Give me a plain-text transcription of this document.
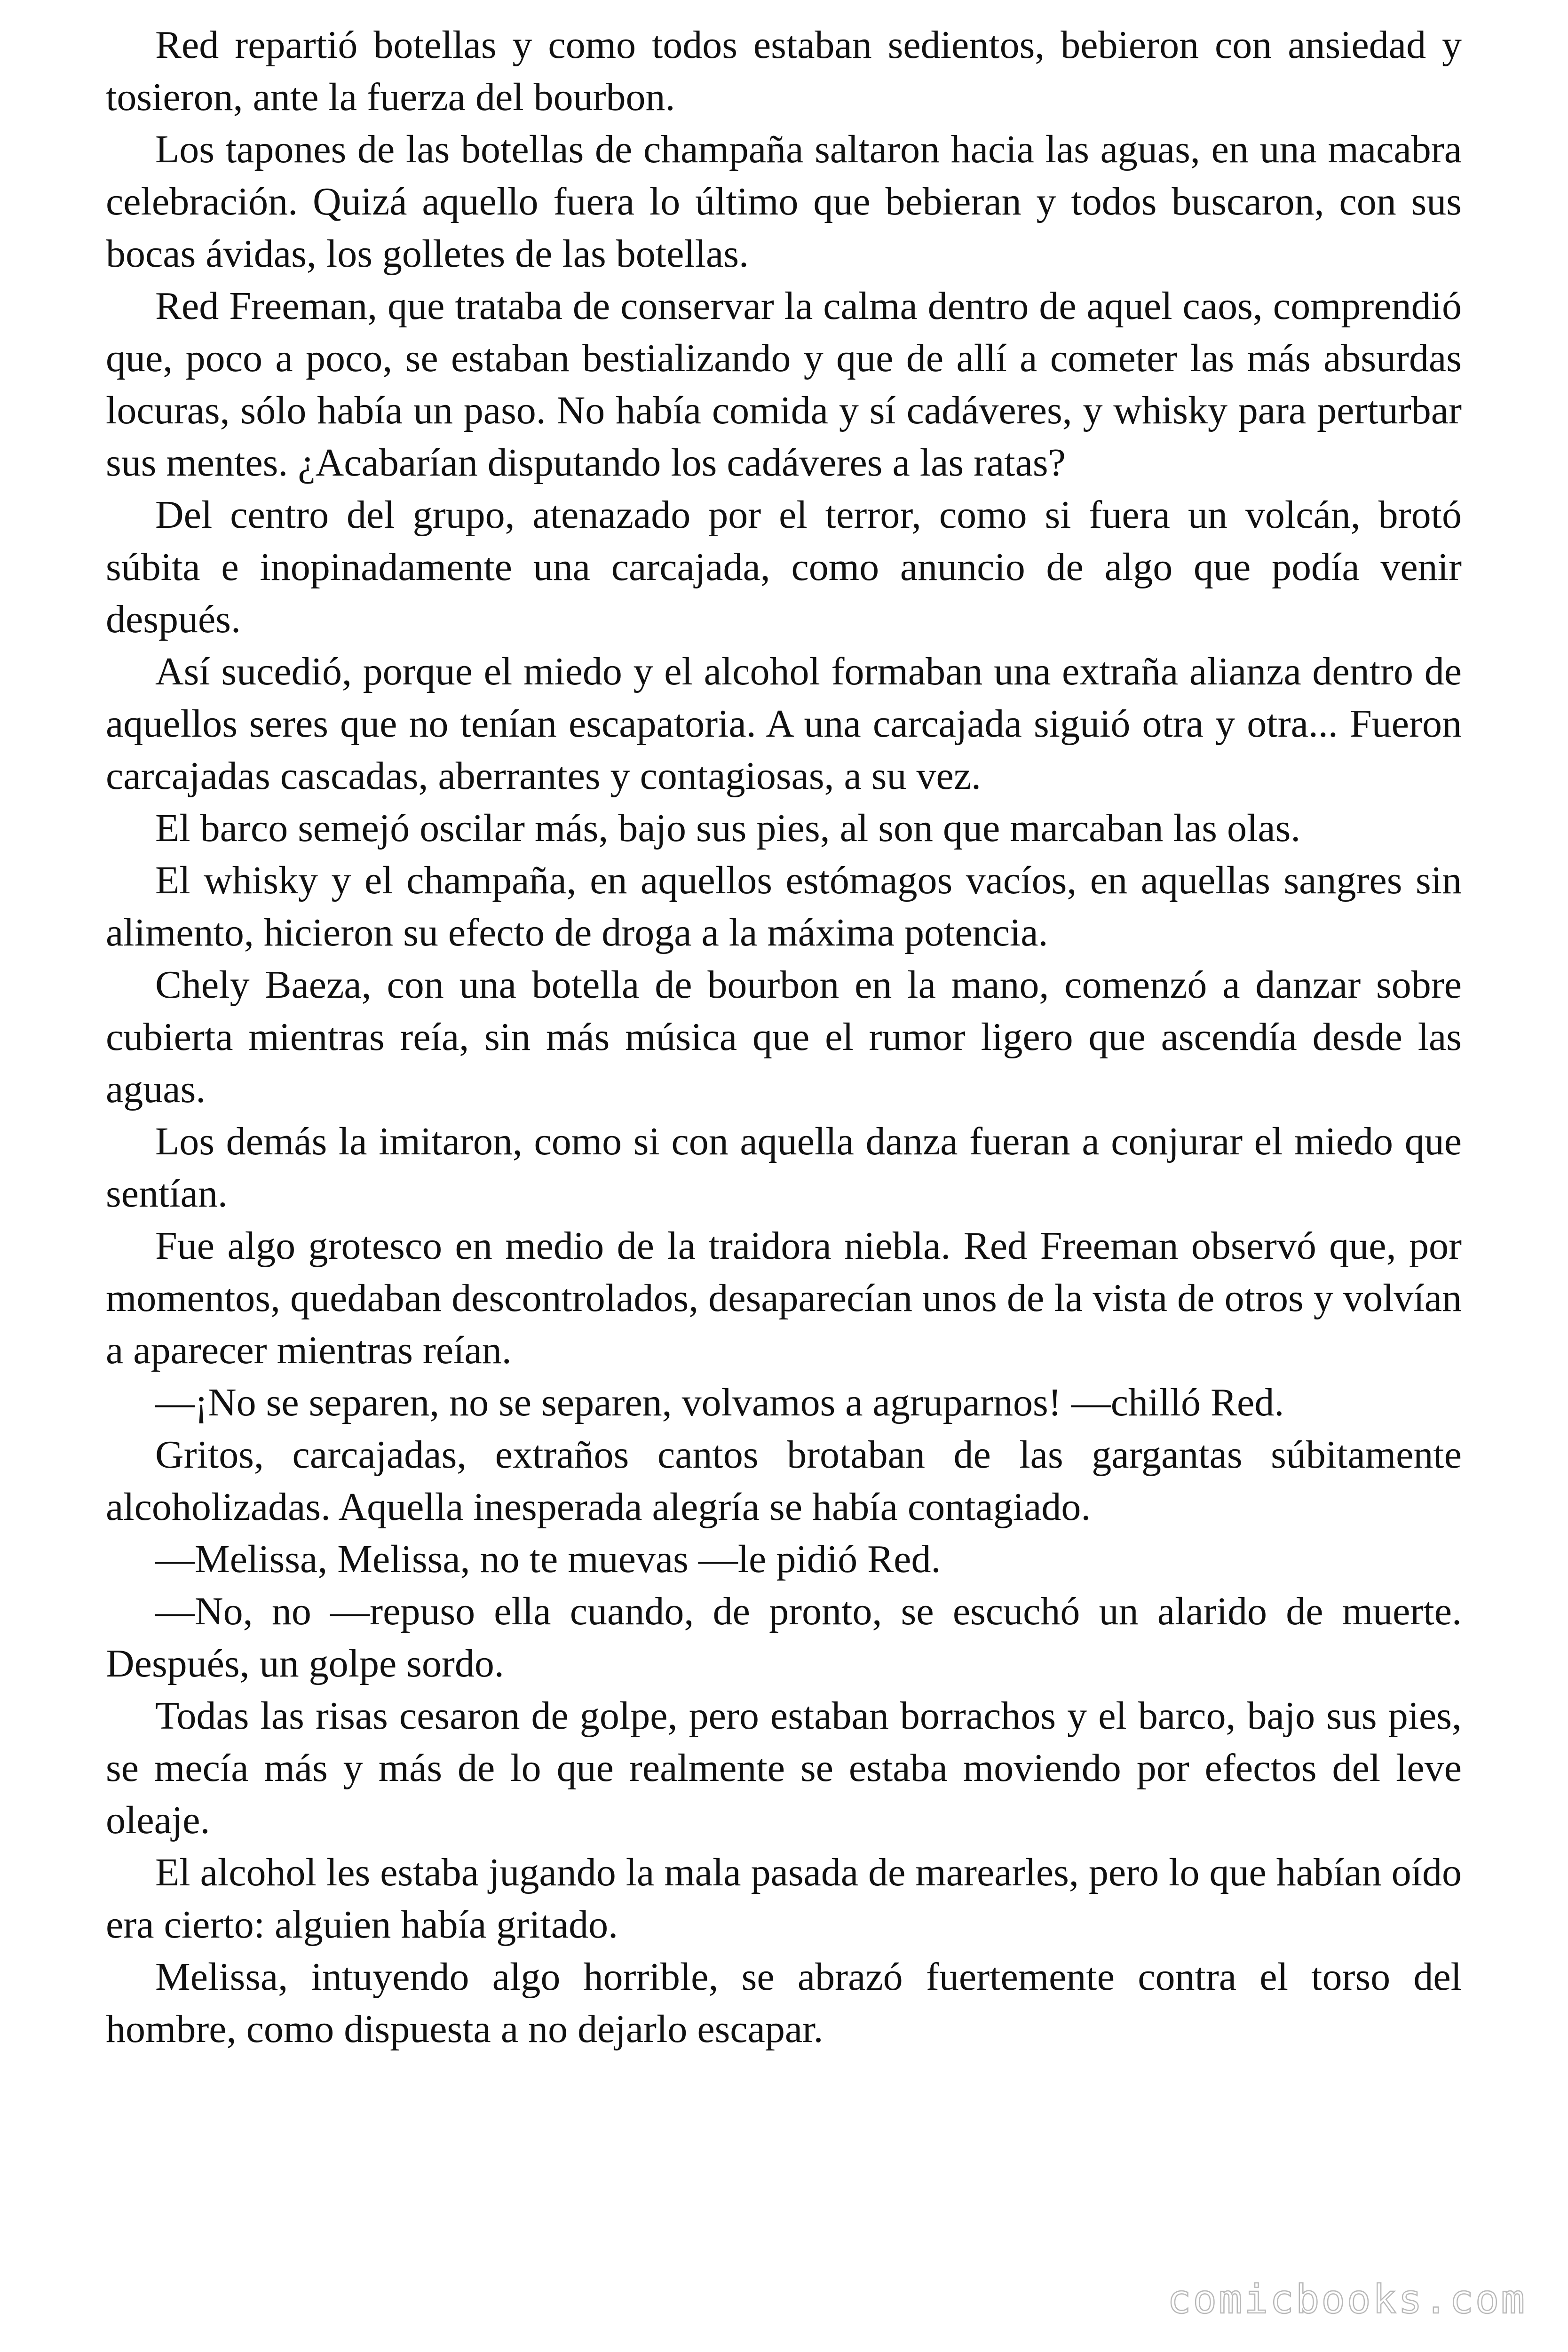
Red repartió botellas y como todos estaban sedientos, bebieron con ansiedad y tosieron, ante la fuerza del bourbon.

Los tapones de las botellas de champaña saltaron hacia las aguas, en una macabra celebración. Quizá aquello fuera lo último que bebieran y todos buscaron, con sus bocas ávidas, los golletes de las botellas.

Red Freeman, que trataba de conservar la calma dentro de aquel caos, comprendió que, poco a poco, se estaban bestializando y que de allí a cometer las más absurdas locuras, sólo había un paso. No había comida y sí cadáveres, y whisky para perturbar sus mentes. ¿Acabarían disputando los cadáveres a las ratas?

Del centro del grupo, atenazado por el terror, como si fuera un volcán, brotó súbita e inopinadamente una carcajada, como anuncio de algo que podía venir después.

Así sucedió, porque el miedo y el alcohol formaban una extraña alianza dentro de aquellos seres que no tenían escapatoria. A una carcajada siguió otra y otra... Fueron carcajadas cascadas, aberrantes y contagiosas, a su vez.

El barco semejó oscilar más, bajo sus pies, al son que marcaban las olas.

El whisky y el champaña, en aquellos estómagos vacíos, en aquellas sangres sin alimento, hicieron su efecto de droga a la máxima potencia.

Chely Baeza, con una botella de bourbon en la mano, comenzó a danzar sobre cubierta mientras reía, sin más música que el rumor ligero que ascendía desde las aguas.

Los demás la imitaron, como si con aquella danza fueran a conjurar el miedo que sentían.

Fue algo grotesco en medio de la traidora niebla. Red Freeman observó que, por momentos, quedaban descontrolados, desaparecían unos de la vista de otros y volvían a aparecer mientras reían.

—¡No se separen, no se separen, volvamos a agruparnos! —chilló Red.

Gritos, carcajadas, extraños cantos brotaban de las gargantas súbitamente alcoholizadas. Aquella inesperada alegría se había contagiado.

—Melissa, Melissa, no te muevas —le pidió Red.

—No, no —repuso ella cuando, de pronto, se escuchó un alarido de muerte. Después, un golpe sordo.

Todas las risas cesaron de golpe, pero estaban borrachos y el barco, bajo sus pies, se mecía más y más de lo que realmente se estaba moviendo por efectos del leve oleaje.

El alcohol les estaba jugando la mala pasada de marearles, pero lo que habían oído era cierto: alguien había gritado.

Melissa, intuyendo algo horrible, se abrazó fuertemente contra el torso del hombre, como dispuesta a no dejarlo escapar.

comicbooks.com
